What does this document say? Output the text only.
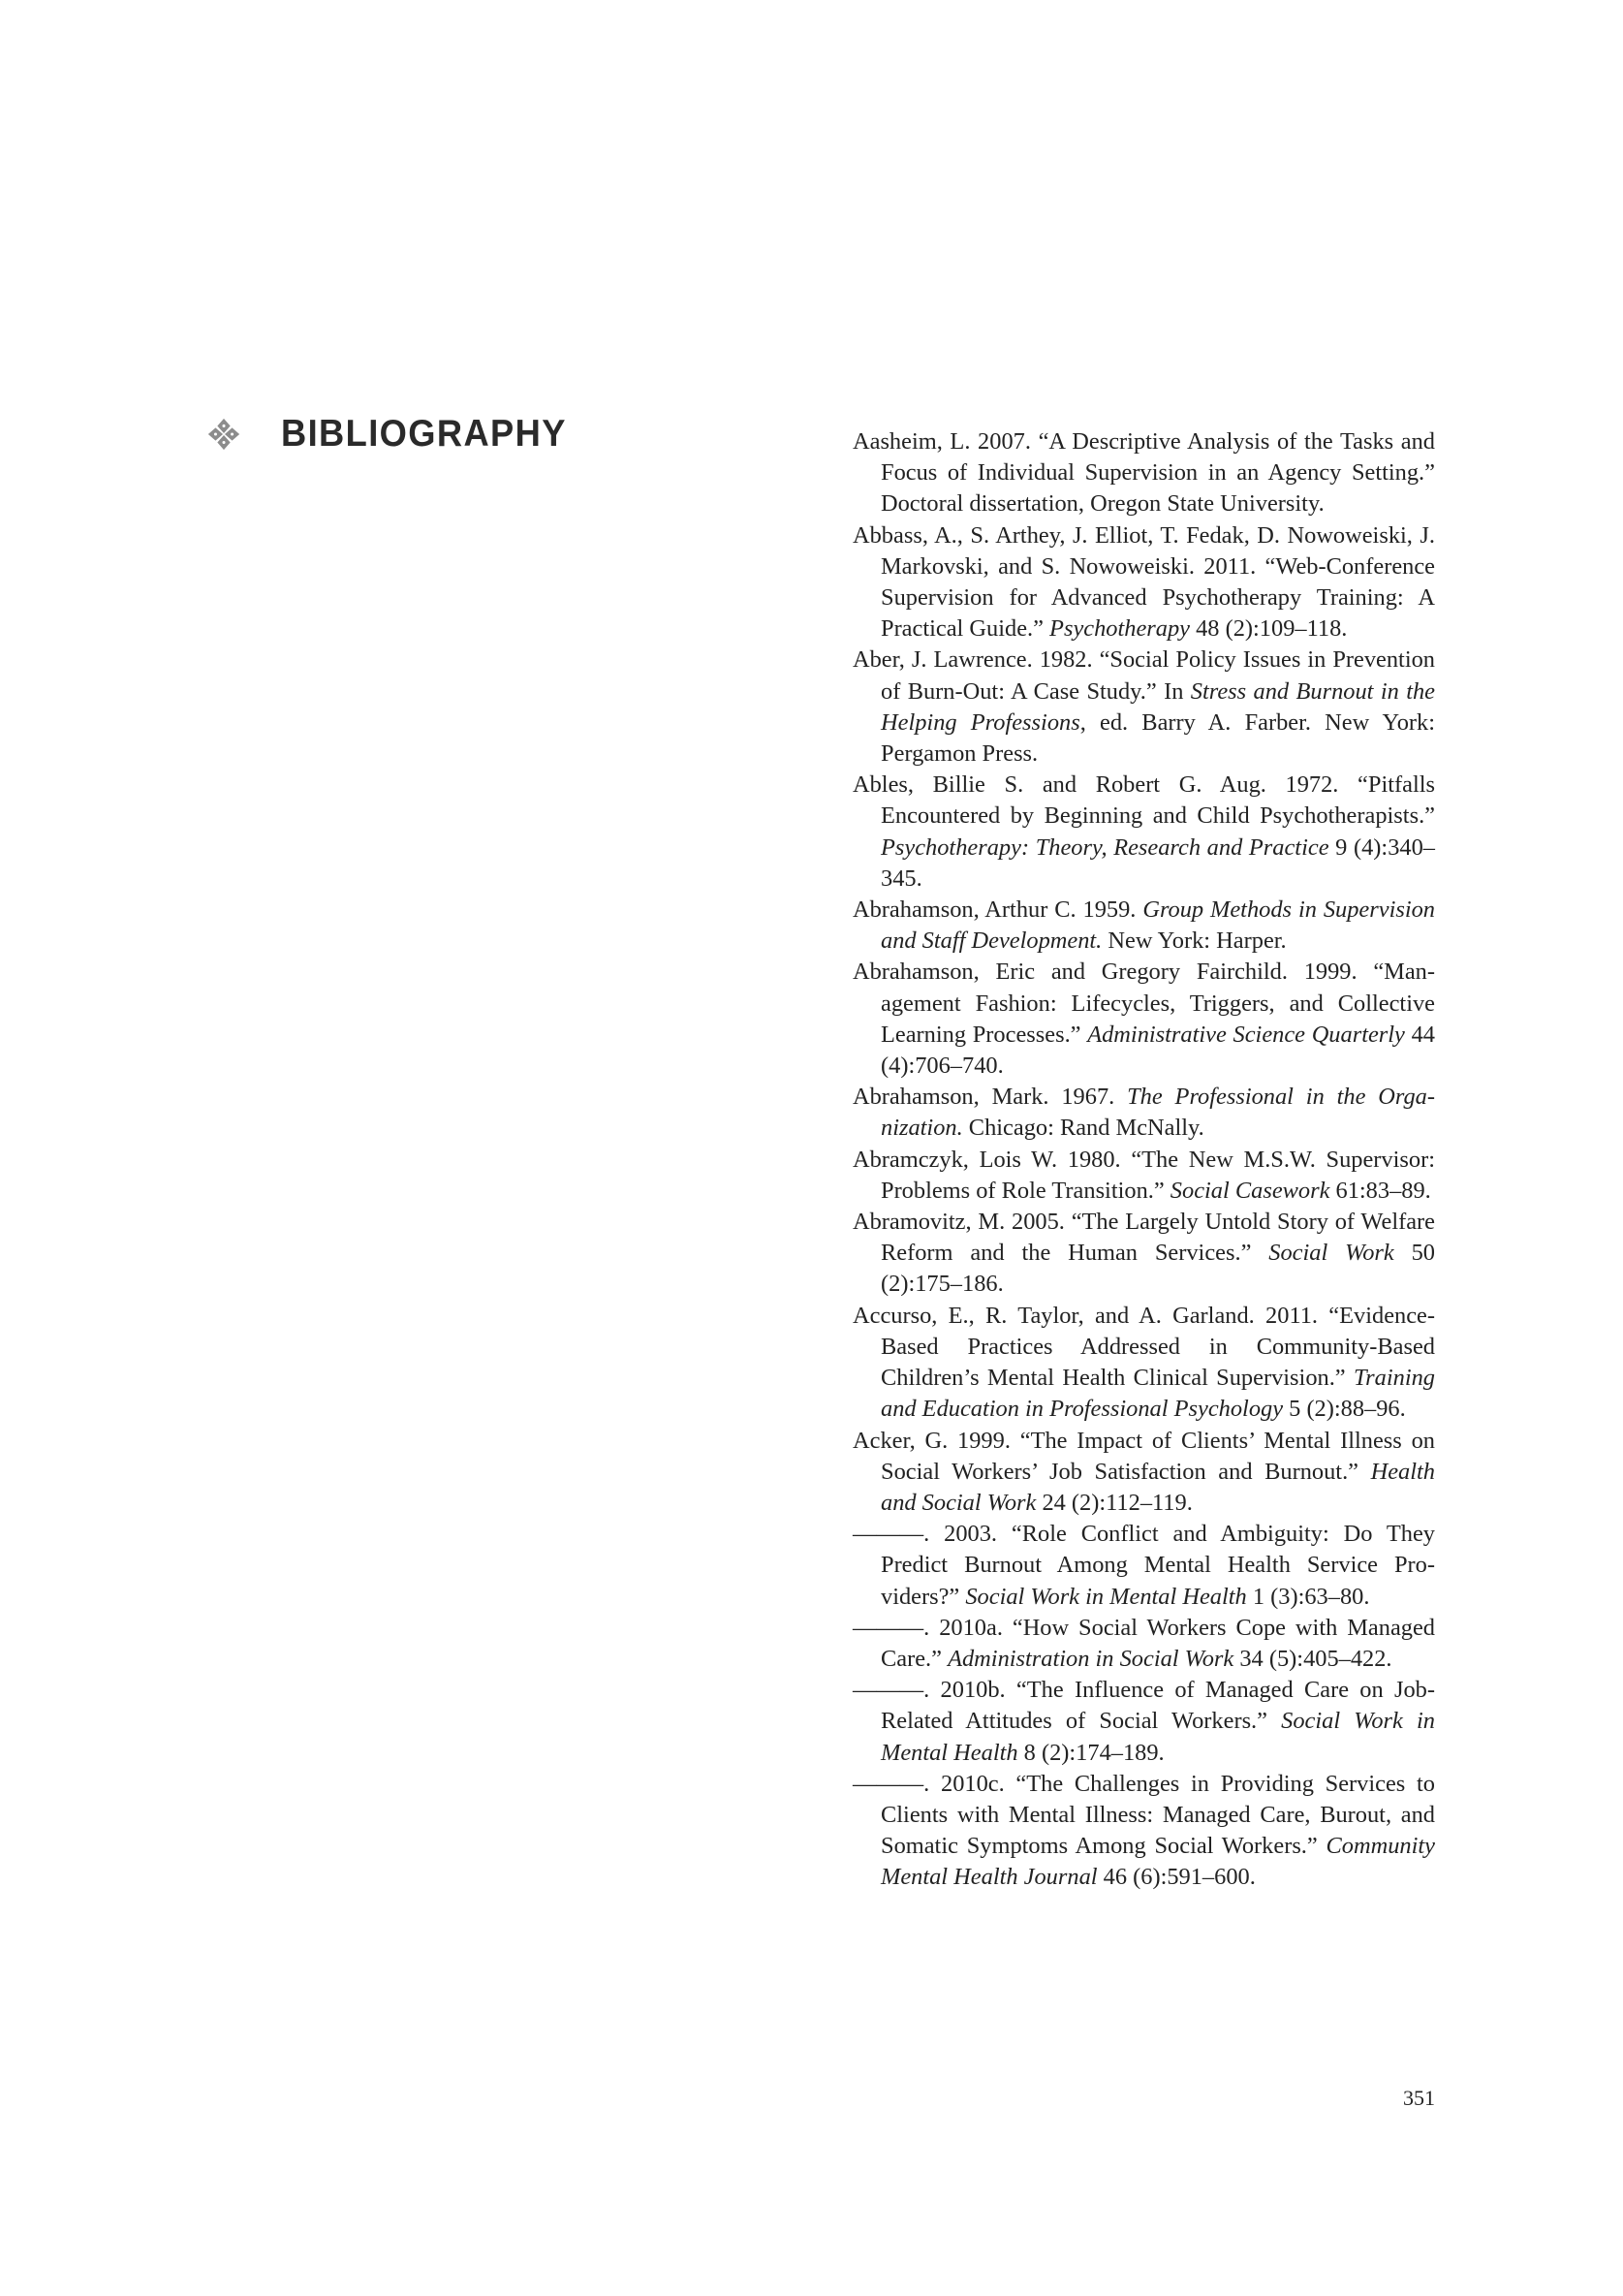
BIBLIOGRAPHY	Aasheim, L. 2007. “A Descriptive Analysis of the Tasks and Focus of Individual Supervision in an Agency Setting.” Doctoral dissertation, Oregon State University.

Abbass, A., S. Arthey, J. Elliot, T. Fedak, D. Nowoweiski, J. Markovski, and S. Nowoweiski. 2011. “Web-Conference Supervision for Advanced Psychotherapy Training: A Practical Guide.” Psychotherapy 48 (2):109–118.

Aber, J. Lawrence. 1982. “Social Policy Issues in Prevention of Burn-Out: A Case Study.” In Stress and Burnout in the Helping Professions, ed. Barry A. Farber. New York: Pergamon Press.

Ables, Billie S. and Robert G. Aug. 1972. “Pitfalls Encountered by Beginning and Child Psychotherapists.” Psychotherapy: Theory, Research and Practice 9 (4):340–345.

Abrahamson, Arthur C. 1959. Group Methods in Supervision and Staff Development. New York: Harper.

Abrahamson, Eric and Gregory Fairchild. 1999. “Management Fashion: Lifecycles, Triggers, and Collective Learning Processes.” Administrative Science Quarterly 44 (4):706–740.

Abrahamson, Mark. 1967. The Professional in the Organization. Chicago: Rand McNally.

Abramczyk, Lois W. 1980. “The New M.S.W. Supervisor: Problems of Role Transition.” Social Casework 61:83–89.

Abramovitz, M. 2005. “The Largely Untold Story of Welfare Reform and the Human Services.” Social Work 50 (2):175–186.

Accurso, E., R. Taylor, and A. Garland. 2011. “Evidence-Based Practices Addressed in Community-Based Children’s Mental Health Clinical Supervision.” Training and Education in Professional Psychology 5 (2):88–96.

Acker, G. 1999. “The Impact of Clients’ Mental Illness on Social Workers’ Job Satisfaction and Burnout.” Health and Social Work 24 (2):112–119.

———. 2003. “Role Conflict and Ambiguity: Do They Predict Burnout Among Mental Health Service Providers?” Social Work in Mental Health 1 (3):63–80.

———. 2010a. “How Social Workers Cope with Managed Care.” Administration in Social Work 34 (5):405–422.

———. 2010b. “The Influence of Managed Care on Job-Related Attitudes of Social Workers.” Social Work in Mental Health 8 (2):174–189.

———. 2010c. “The Challenges in Providing Services to Clients with Mental Illness: Managed Care, Burout, and Somatic Symptoms Among Social Workers.” Community Mental Health Journal 46 (6):591–600.

351
